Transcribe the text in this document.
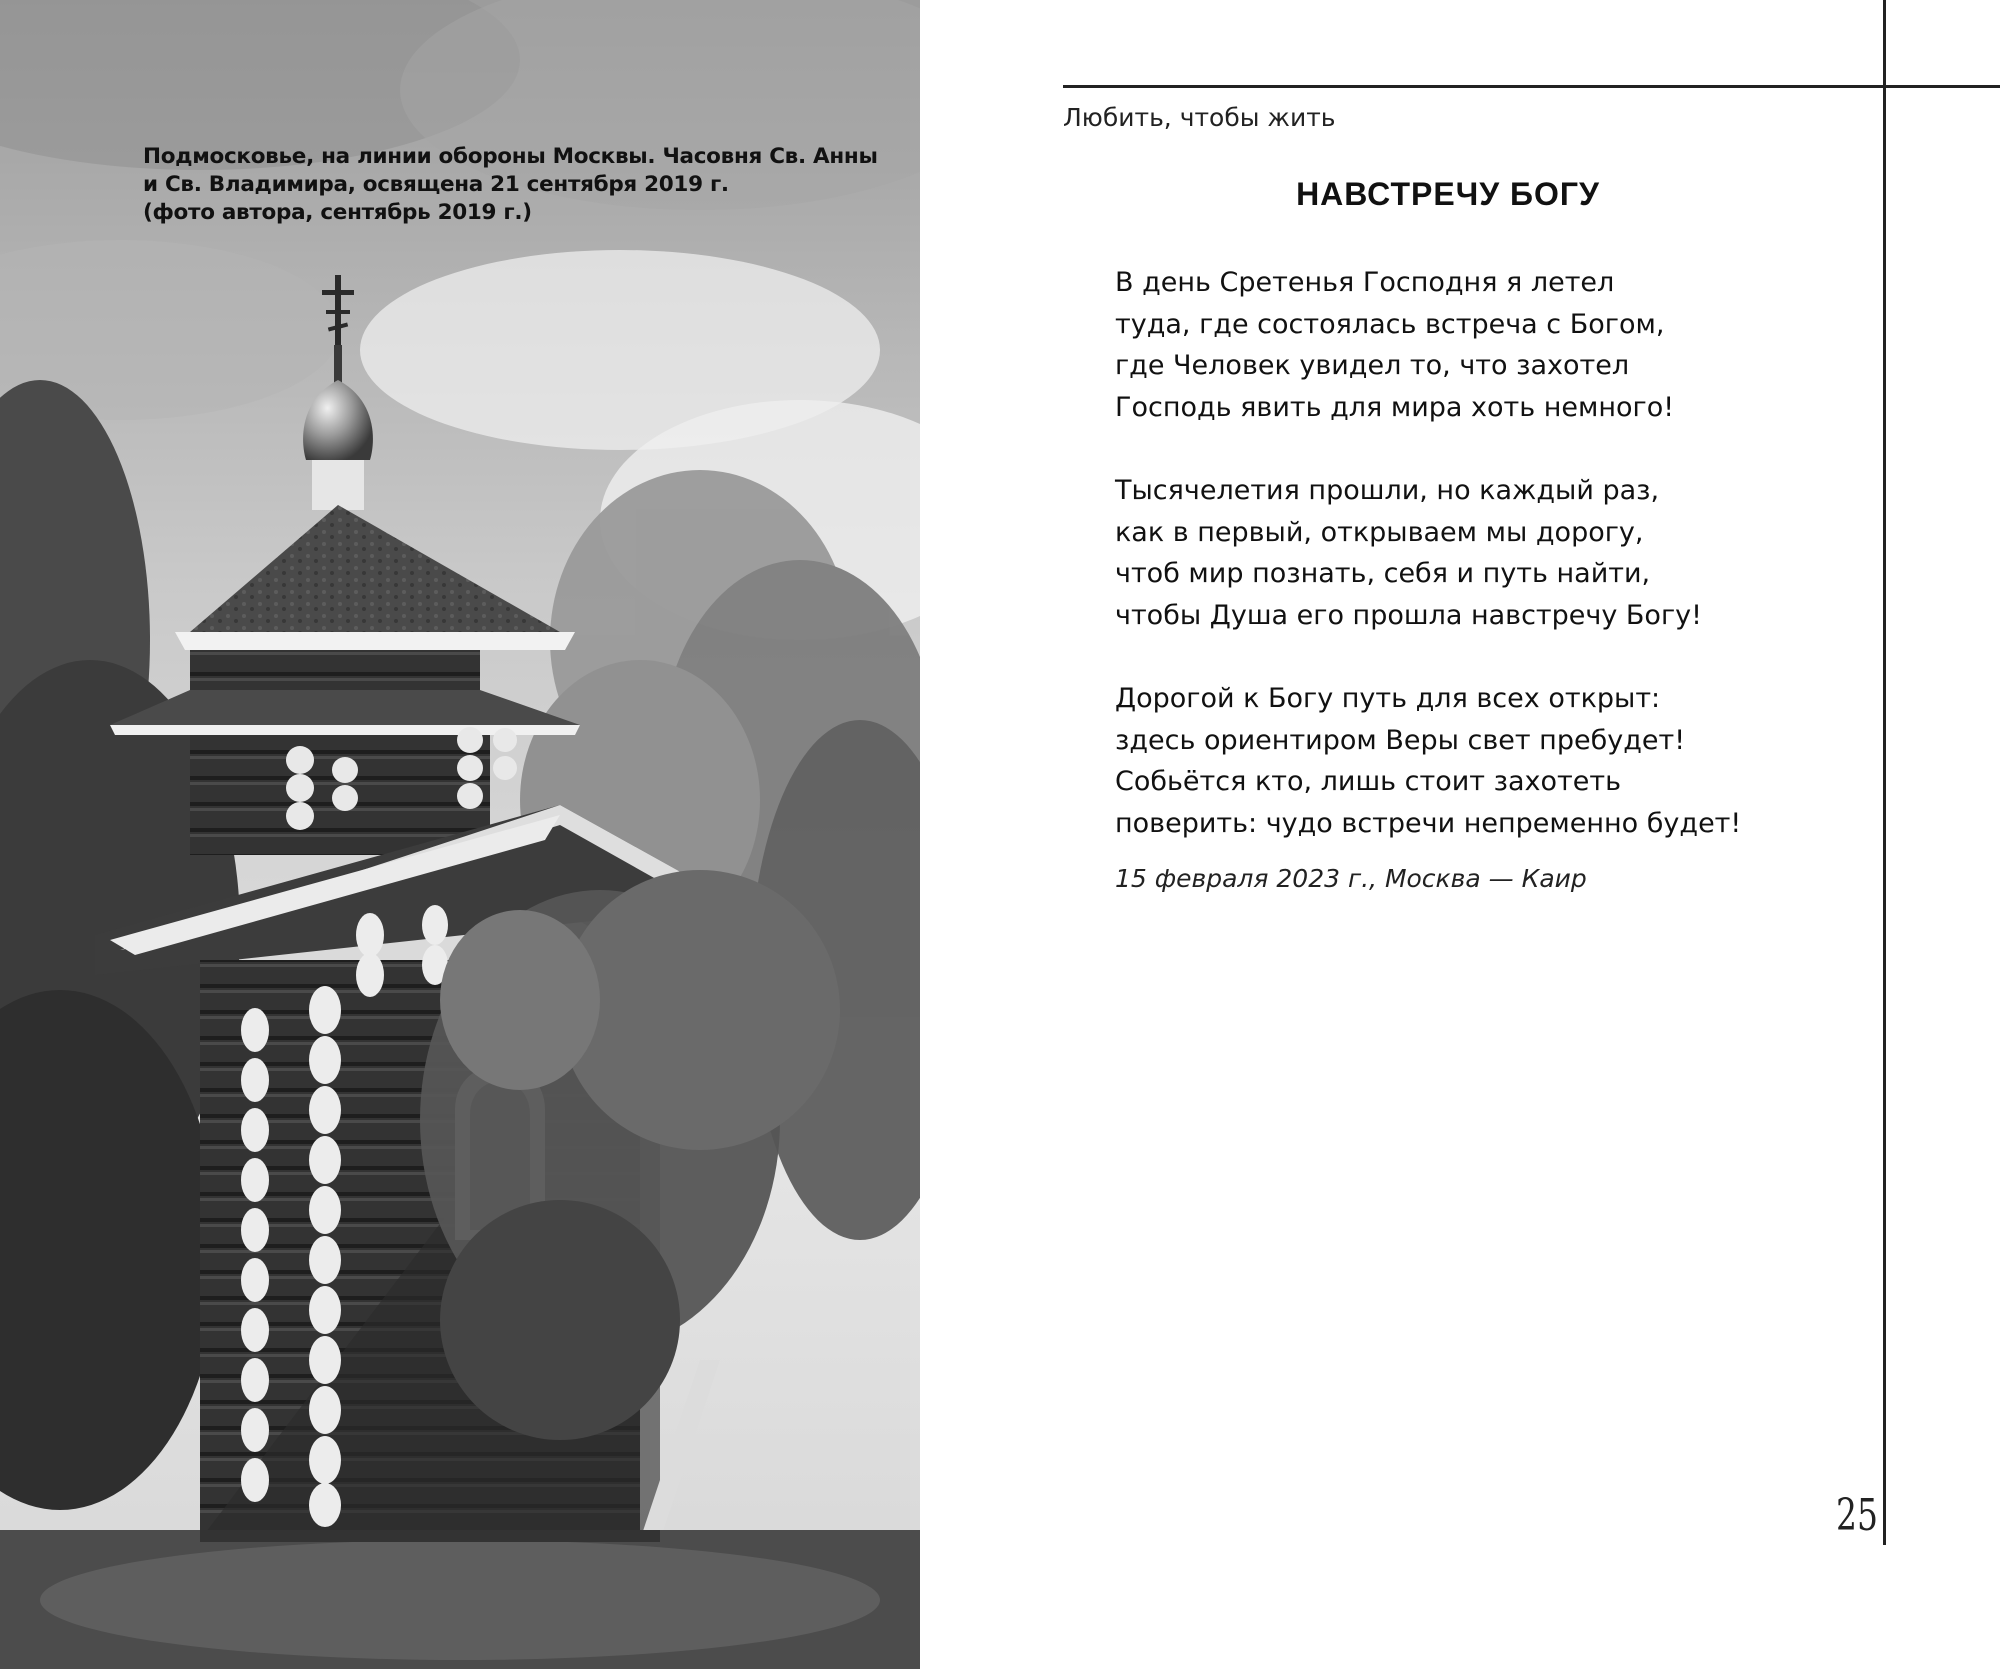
Подмосковье, на линии обороны Москвы. Часовня Св. Анны
и Св. Владимира, освящена 21 сентября 2019 г.
(фото автора, сентябрь 2019 г.)
Любить, чтобы жить
НАВСТРЕЧУ БОГУ
В день Сретенья Господня я летел
туда, где состоялась встреча с Богом,
где Человек увидел то, что захотел
Господь явить для мира хоть немного!
Тысячелетия прошли, но каждый раз,
как в первый, открываем мы дорогу,
чтоб мир познать, себя и путь найти,
чтобы Душа его прошла навстречу Богу!
Дорогой к Богу путь для всех открыт:
здесь ориентиром Веры свет пребудет!
Собьётся кто, лишь стоит захотеть
поверить: чудо встречи непременно будет!
15 февраля 2023 г., Москва — Каир
25
